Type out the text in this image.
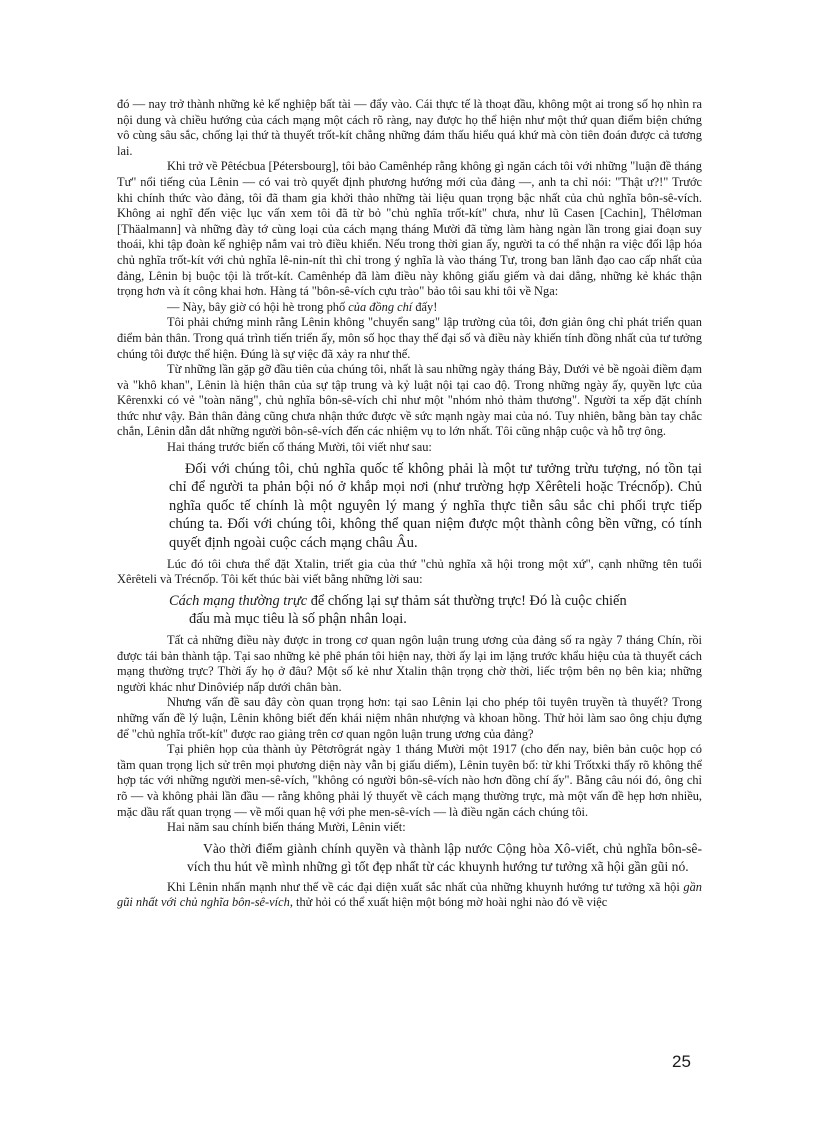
đó — nay trở thành những kẻ kế nghiệp bất tài — đẩy vào. Cái thực tế là thoạt đầu, không một ai trong số họ nhìn ra nội dung và chiều hướng của cách mạng một cách rõ ràng, nay được họ thể hiện như một thứ quan điểm biện chứng vô cùng sâu sắc, chống lại thứ tà thuyết trốt-kít chẳng những đám thấu hiểu quá khứ mà còn tiên đoán được cả tương lai.

Khi trở về Pêtécbua [Pétersbourg], tôi bảo Camênhép rằng không gì ngăn cách tôi với những "luận đề tháng Tư" nổi tiếng của Lênin — có vai trò quyết định phương hướng mới của đảng —, anh ta chỉ nói: "Thật ư?!" Trước khi chính thức vào đảng, tôi đã tham gia khởi thảo những tài liệu quan trọng bậc nhất của chủ nghĩa bôn-sê-vích. Không ai nghĩ đến việc lục vấn xem tôi đã từ bỏ "chủ nghĩa trốt-kít" chưa, như lũ Casen [Cachin], Thêlơman [Thäalmann] và những đày tớ cùng loại của cách mạng tháng Mười đã từng làm hàng ngàn lần trong giai đoạn suy thoái, khi tập đoàn kế nghiệp nắm vai trò điều khiển. Nếu trong thời gian ấy, người ta có thể nhận ra việc đối lập hóa chủ nghĩa trốt-kít với chủ nghĩa lê-nin-nít thì chỉ trong ý nghĩa là vào tháng Tư, trong ban lãnh đạo cao cấp nhất của đảng, Lênin bị buộc tội là trốt-kít. Camênhép đã làm điều này không giấu giếm và dai dẳng, những kẻ khác thận trọng hơn và ít công khai hơn. Hàng tá "bôn-sê-vích cựu trào" bảo tôi sau khi tôi về Nga:

— Này, bây giờ có hội hè trong phố của đồng chí đấy!

Tôi phải chứng minh rằng Lênin không "chuyển sang" lập trường của tôi, đơn giản ông chỉ phát triển quan điểm bản thân. Trong quá trình tiến triển ấy, môn số học thay thế đại số và điều này khiến tính đồng nhất của tư tưởng chúng tôi được thể hiện. Đúng là sự việc đã xảy ra như thế.

Từ những lần gặp gỡ đầu tiên của chúng tôi, nhất là sau những ngày tháng Bảy, Dưới vẻ bề ngoài điềm đạm và "khô khan", Lênin là hiện thân của sự tập trung và kỷ luật nội tại cao độ. Trong những ngày ấy, quyền lực của Kêrenxki có vẻ "toàn năng", chủ nghĩa bôn-sê-vích chỉ như một "nhóm nhỏ thảm thương". Người ta xếp đặt chính thức như vậy. Bản thân đảng cũng chưa nhận thức được về sức mạnh ngày mai của nó. Tuy nhiên, bằng bàn tay chắc chắn, Lênin dẫn dắt những người bôn-sê-vích đến các nhiệm vụ to lớn nhất. Tôi cũng nhập cuộc và hỗ trợ ông.

Hai tháng trước biến cố tháng Mười, tôi viết như sau:

Đối với chúng tôi, chủ nghĩa quốc tế không phải là một tư tưởng trừu tượng, nó tồn tại chỉ để người ta phản bội nó ở khắp mọi nơi (như trường hợp Xêrêteli hoặc Trécnốp). Chủ nghĩa quốc tế chính là một nguyên lý mang ý nghĩa thực tiễn sâu sắc chi phối trực tiếp chúng ta. Đối với chúng tôi, không thể quan niệm được một thành công bền vững, có tính quyết định ngoài cuộc cách mạng châu Âu.

Lúc đó tôi chưa thể đặt Xtalin, triết gia của thứ "chủ nghĩa xã hội trong một xứ", cạnh những tên tuổi Xêrêteli và Trécnốp. Tôi kết thúc bài viết bằng những lời sau:

Cách mạng thường trực để chống lại sự thảm sát thường trực! Đó là cuộc chiến
đấu mà mục tiêu là số phận nhân loại.

Tất cả những điều này được in trong cơ quan ngôn luận trung ương của đảng số ra ngày 7 tháng Chín, rồi được tái bản thành tập. Tại sao những kẻ phê phán tôi hiện nay, thời ấy lại im lặng trước khẩu hiệu của tà thuyết cách mạng thường trực? Thời ấy họ ở đâu? Một số kẻ như Xtalin thận trọng chờ thời, liếc trộm bên nọ bên kia; những người khác như Dinôviép nấp dưới chân bàn.

Nhưng vấn đề sau đây còn quan trọng hơn: tại sao Lênin lại cho phép tôi tuyên truyền tà thuyết? Trong những vấn đề lý luận, Lênin không biết đến khái niệm nhân nhượng và khoan hồng. Thử hỏi làm sao ông chịu đựng để "chủ nghĩa trốt-kít" được rao giảng trên cơ quan ngôn luận trung ương của đảng?

Tại phiên họp của thành ủy Pêtơrôgrát ngày 1 tháng Mười một 1917 (cho đến nay, biên bản cuộc họp có tầm quan trọng lịch sử trên mọi phương diện này vẫn bị giấu diếm), Lênin tuyên bố: từ khi Trốtxki thấy rõ không thể hợp tác với những người men-sê-vích, "không có người bôn-sê-vích nào hơn đồng chí ấy". Bằng câu nói đó, ông chỉ rõ — và không phải lần đầu — rằng không phải lý thuyết về cách mạng thường trực, mà một vấn đề hẹp hơn nhiều, mặc dầu rất quan trọng — về mối quan hệ với phe men-sê-vích — là điều ngăn cách chúng tôi.

Hai năm sau chính biến tháng Mười, Lênin viết:

Vào thời điểm giành chính quyền và thành lập nước Cộng hòa Xô-viết, chủ nghĩa bôn-sê-vích thu hút về mình những gì tốt đẹp nhất từ các khuynh hướng tư tưởng xã hội gần gũi nó.

Khi Lênin nhấn mạnh như thế về các đại diện xuất sắc nhất của những khuynh hướng tư tưởng xã hội gần gũi nhất với chủ nghĩa bôn-sê-vích, thử hỏi có thể xuất hiện một bóng mờ hoài nghi nào đó về việc

25
